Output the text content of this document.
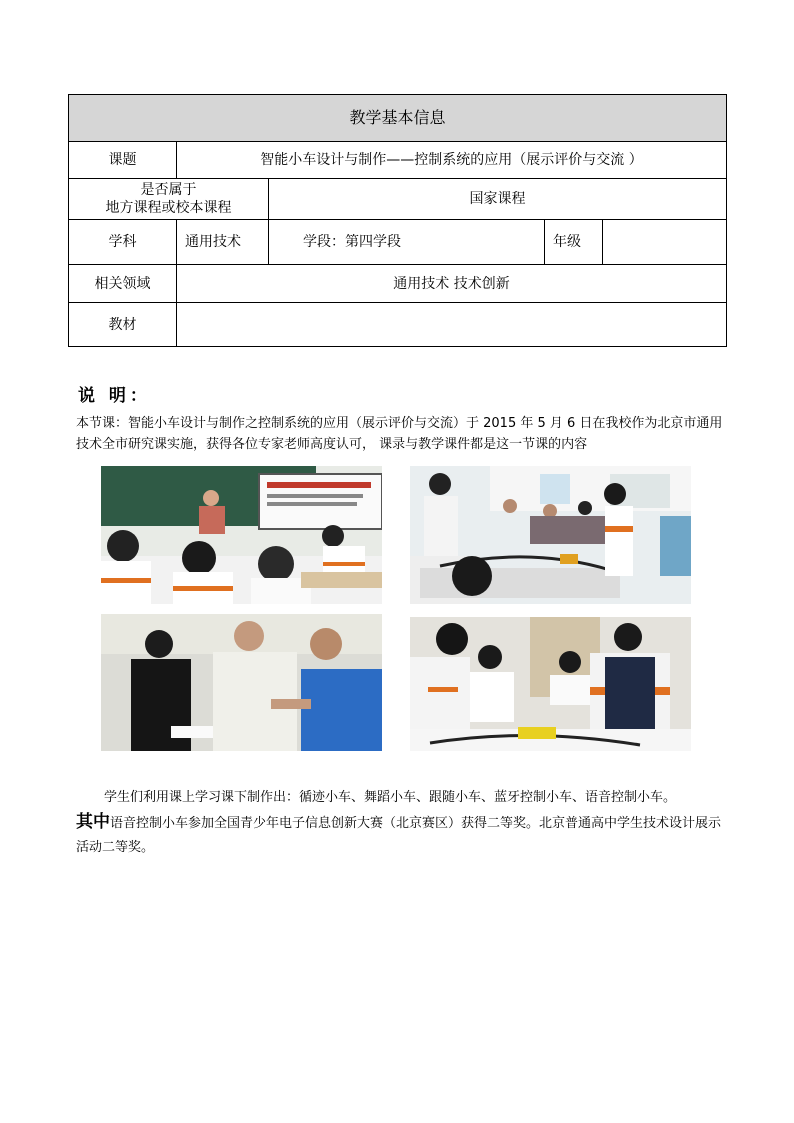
教学基本信息				
课题	智能小车设计与制作——控制系统的应用（展示评价与交流 ）			

是否属于
地方课程或校本课程		国家课程		
学科	通用技术	学段：第四学段	年级	
相关领域	通用技术 技术创新			
教材				
说 明：
本节课：智能小车设计与制作之控制系统的应用（展示评价与交流）于 2015 年 5 月 6 日在我校作为北京市通用技术全市研究课实施，获得各位专家老师高度认可， 课录与教学课件都是这一节课的内容
学生们利用课上学习课下制作出：循迹小车、舞蹈小车、跟随小车、蓝牙控制小车、语音控制小车。
其中语音控制小车参加全国青少年电子信息创新大赛（北京赛区）获得二等奖。北京普通高中学生技术设计展示活动二等奖。
